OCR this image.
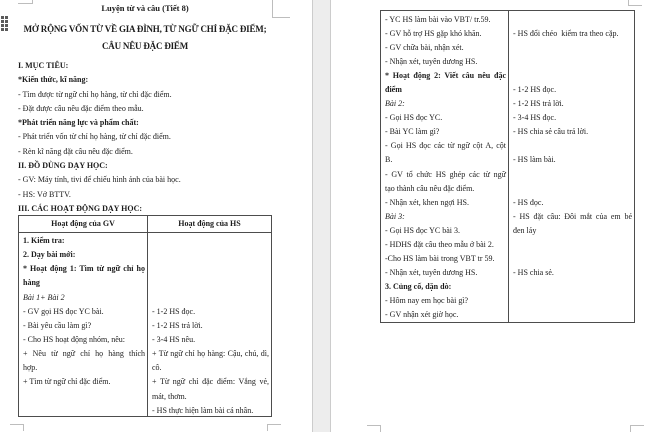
Luyện từ và câu (Tiết 8)
MỞ RỘNG VỐN TỪ VỀ GIA ĐÌNH, TỪ NGỮ CHỈ ĐẶC ĐIỂM;
CÂU NÊU ĐẶC ĐIỂM
I. MỤC TIÊU:
*Kiến thức, kĩ năng:
- Tìm được từ ngữ chỉ họ hàng, từ chỉ đặc điểm.
- Đặt được câu nêu đặc điểm theo mẫu.
*Phát triển năng lực và phẩm chất:
- Phát triển vốn từ chỉ họ hàng, từ chỉ đặc điểm.
- Rèn kĩ năng đặt câu nêu đặc điểm.
II. ĐỒ DÙNG DẠY HỌC:
- GV: Máy tính, tivi để chiếu hình ảnh của bài học.
- HS: Vở BTTV.
III. CÁC HOẠT ĐỘNG DẠY HỌC:
Hoạt động của GV	Hoạt động của HS
1. Kiểm tra:
2. Dạy bài mới:
* Hoạt động 1: Tìm từ ngữ chỉ họ
hàng
Bài 1+ Bài 2
- GV gọi HS đọc YC bài.
- Bài yêu cầu làm gì?
- Cho HS hoạt động nhóm, nêu:
+ Nêu từ ngữ chỉ họ hàng thích
hợp.
+ Tìm từ ngữ chỉ đặc điểm.
- 1-2 HS đọc.
- 1-2 HS trả lời.
- 3-4 HS nêu.
+ Từ ngữ chỉ họ hàng: Cậu, chú, dì,
cô.
+ Từ ngữ chỉ đặc điểm: Vắng vẻ,
mát, thơm.
- HS thực hiện làm bài cá nhân.
- YC HS làm bài vào VBT/ tr.59.
- GV hỗ trợ HS gặp khó khăn.
- GV chữa bài, nhận xét.
- Nhận xét, tuyên dương HS.
* Hoạt động 2: Viết câu nêu đặc
điểm
Bài 2:
- Gọi HS đọc YC.
- Bài YC làm gì?
- Gọi HS đọc các từ ngữ cột A, cột
B.
- GV tổ chức HS ghép các từ ngữ
tạo thành câu nêu đặc điểm.
- Nhận xét, khen ngợi HS.
Bài 3:
- Gọi HS đọc YC bài 3.
- HDHS đặt câu theo mẫu ở bài 2.
-Cho HS làm bài trong VBT tr 59.
- Nhận xét, tuyên dương HS.
3. Củng cố, dặn dò:
- Hôm nay em học bài gì?
- GV nhận xét giờ học.
- HS đổi chéo  kiểm tra theo cặp.
- 1-2 HS đọc.
- 1-2 HS trả lời.
- 3-4 HS đọc.
- HS chia sẻ câu trả lời.
- HS làm bài.
- HS đọc.
- HS đặt câu: Đôi mắt của em bé
đen láy
- HS chia sẻ.
